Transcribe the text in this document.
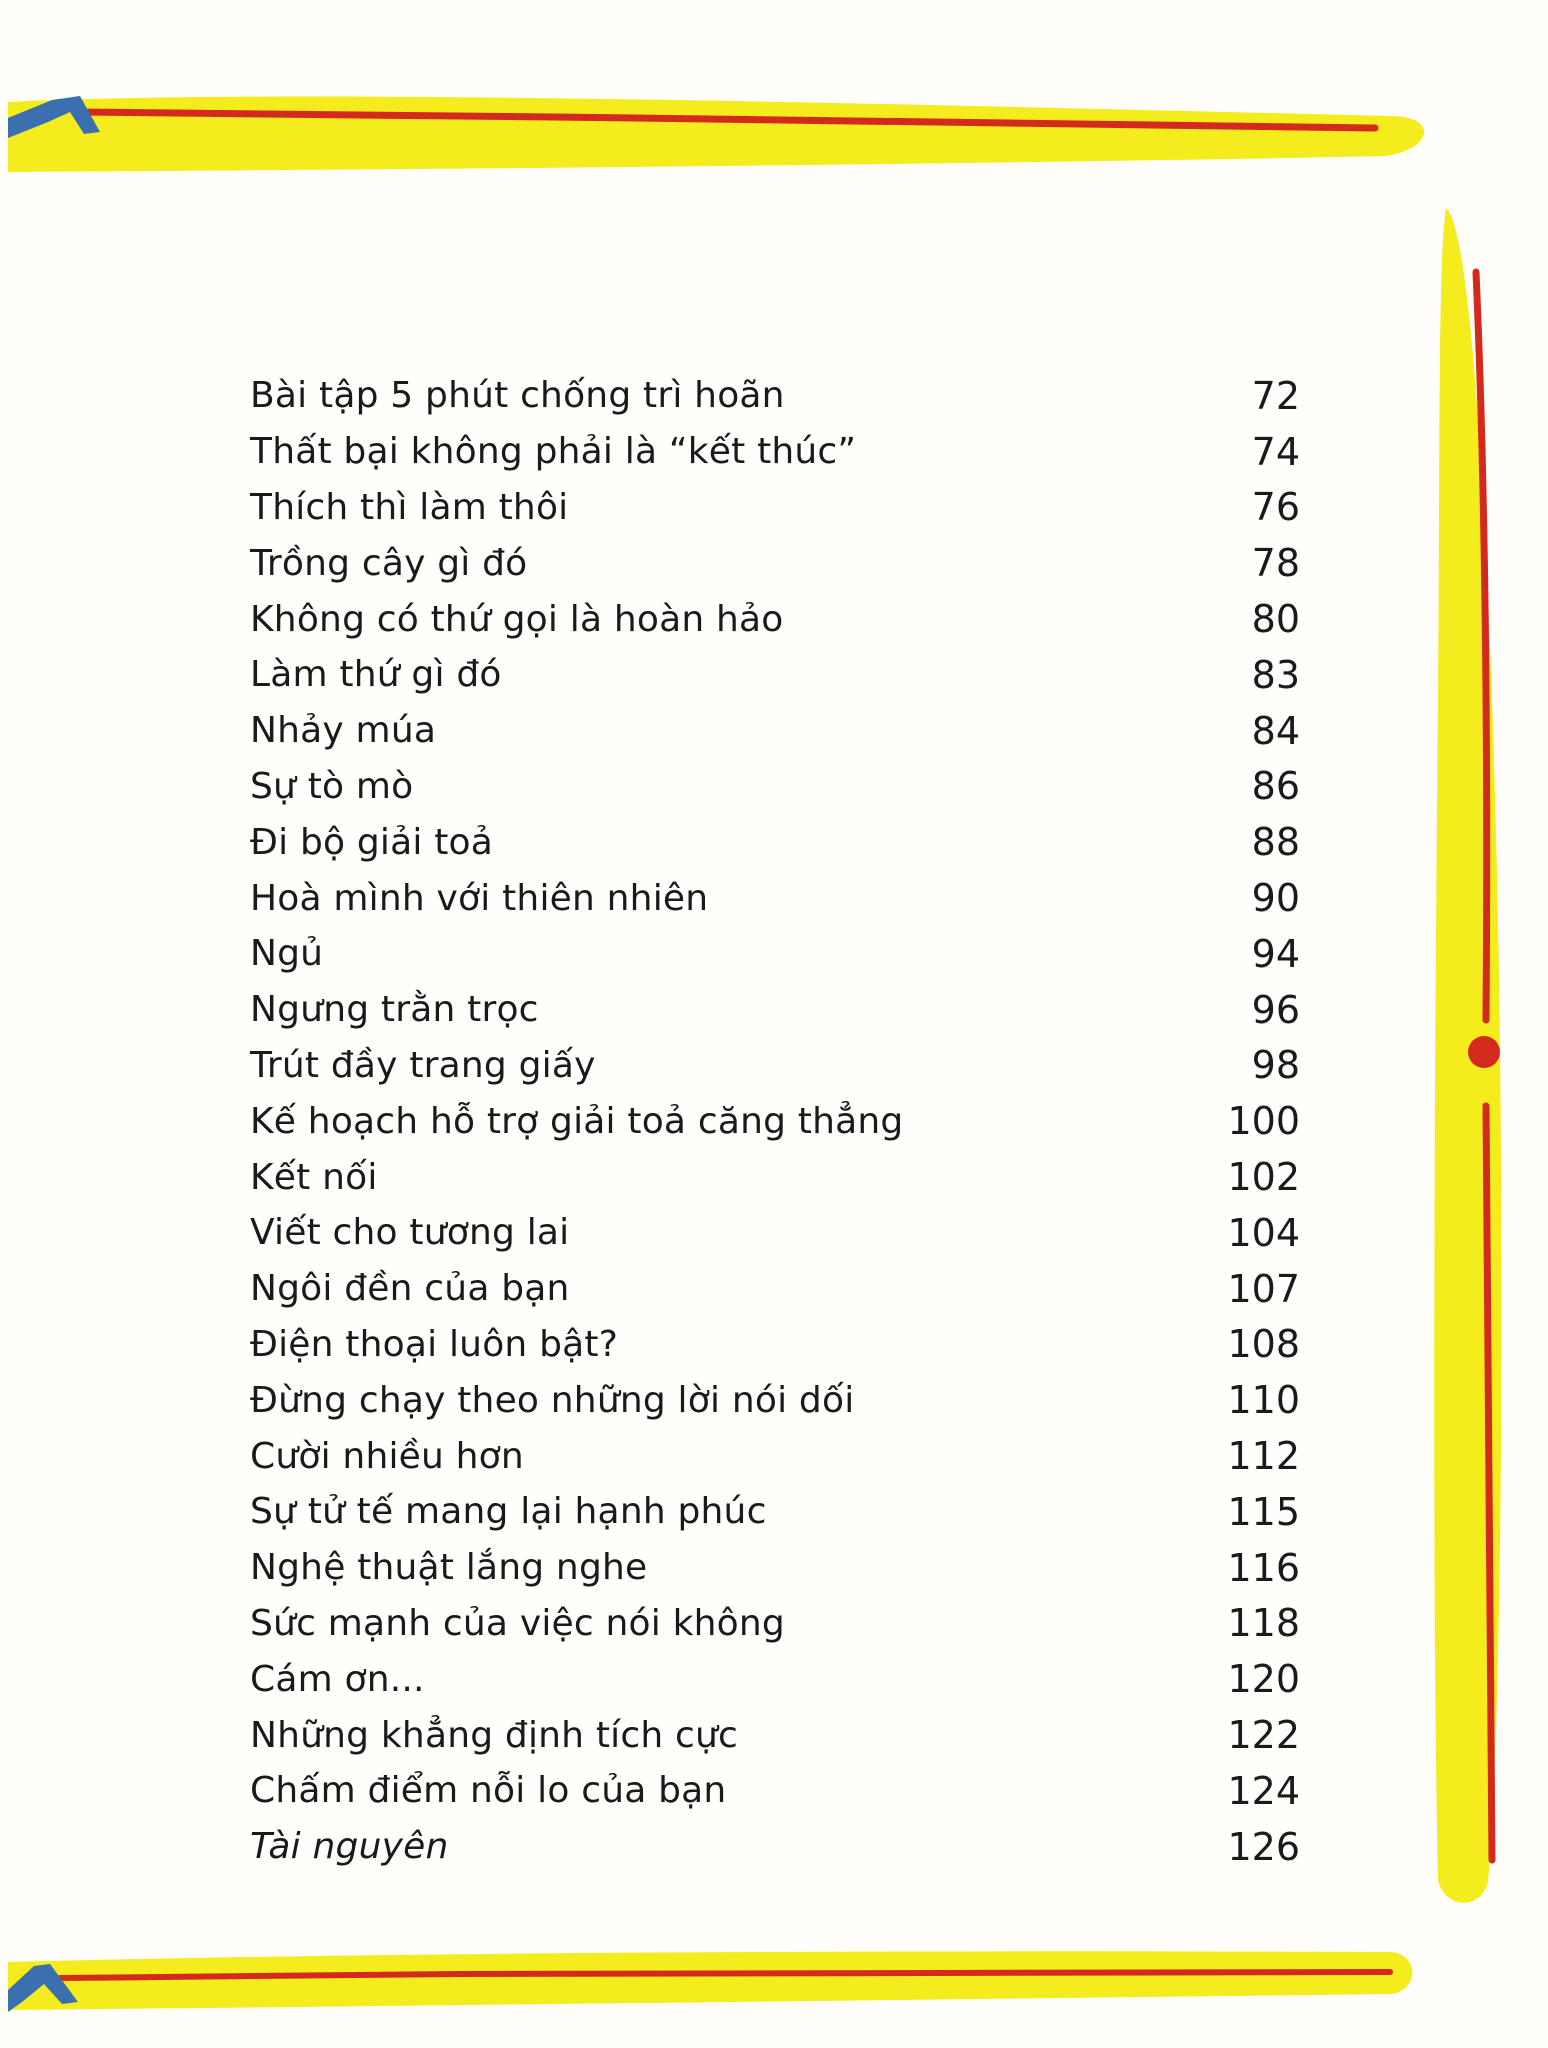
Bài tập 5 phút chống trì hoãn	72
Thất bại không phải là “kết thúc”	74
Thích thì làm thôi	76
Trồng cây gì đó	78
Không có thứ gọi là hoàn hảo	80
Làm thứ gì đó	83
Nhảy múa	84
Sự tò mò	86
Đi bộ giải toả	88
Hoà mình với thiên nhiên	90
Ngủ	94
Ngưng trằn trọc	96
Trút đầy trang giấy	98
Kế hoạch hỗ trợ giải toả căng thẳng	100
Kết nối	102
Viết cho tương lai	104
Ngôi đền của bạn	107
Điện thoại luôn bật?	108
Đừng chạy theo những lời nói dối	110
Cười nhiều hơn	112
Sự tử tế mang lại hạnh phúc	115
Nghệ thuật lắng nghe	116
Sức mạnh của việc nói không	118
Cám ơn...	120
Những khẳng định tích cực	122
Chấm điểm nỗi lo của bạn	124
Tài nguyên	126
